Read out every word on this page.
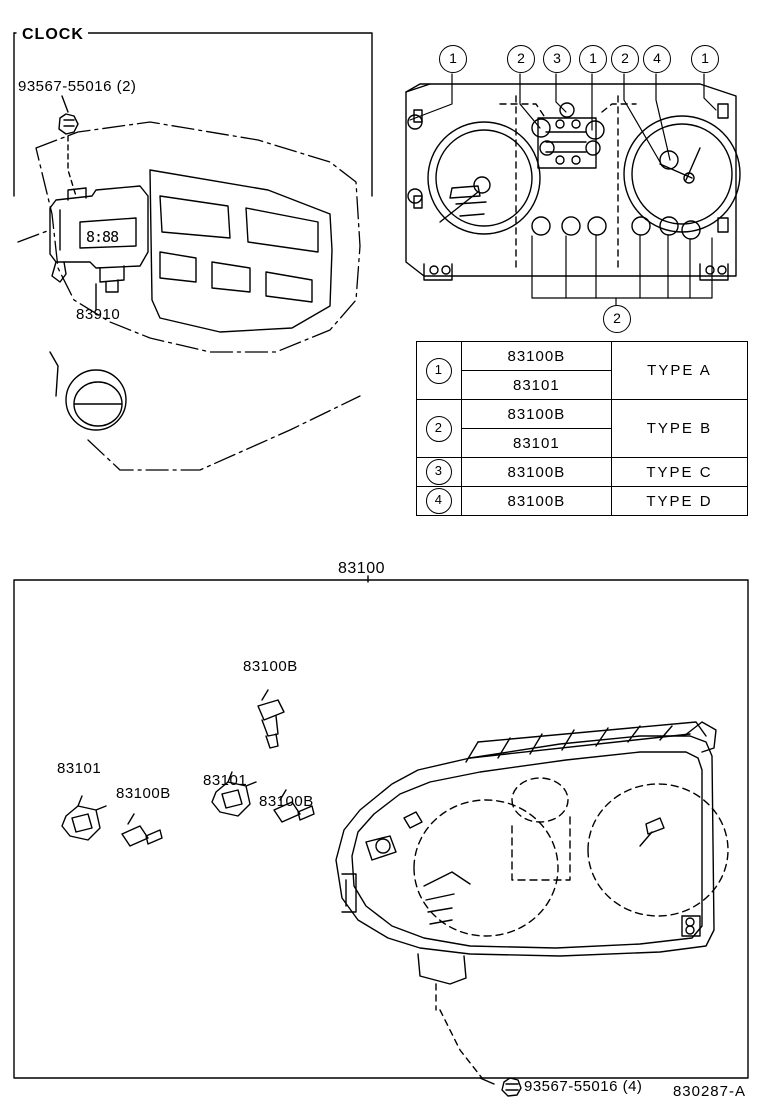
CLOCK
93567-55016 (2)
83910
8:88
1	2	3	1	2	4	1
2
1	83100B	TYPE A
	83101	
2	83100B	TYPE B
	83101	
3	83100B	TYPE C
4	83100B	TYPE D
83100
83100B
83101
83100B
83101
83100B
93567-55016 (4) 830287-A
